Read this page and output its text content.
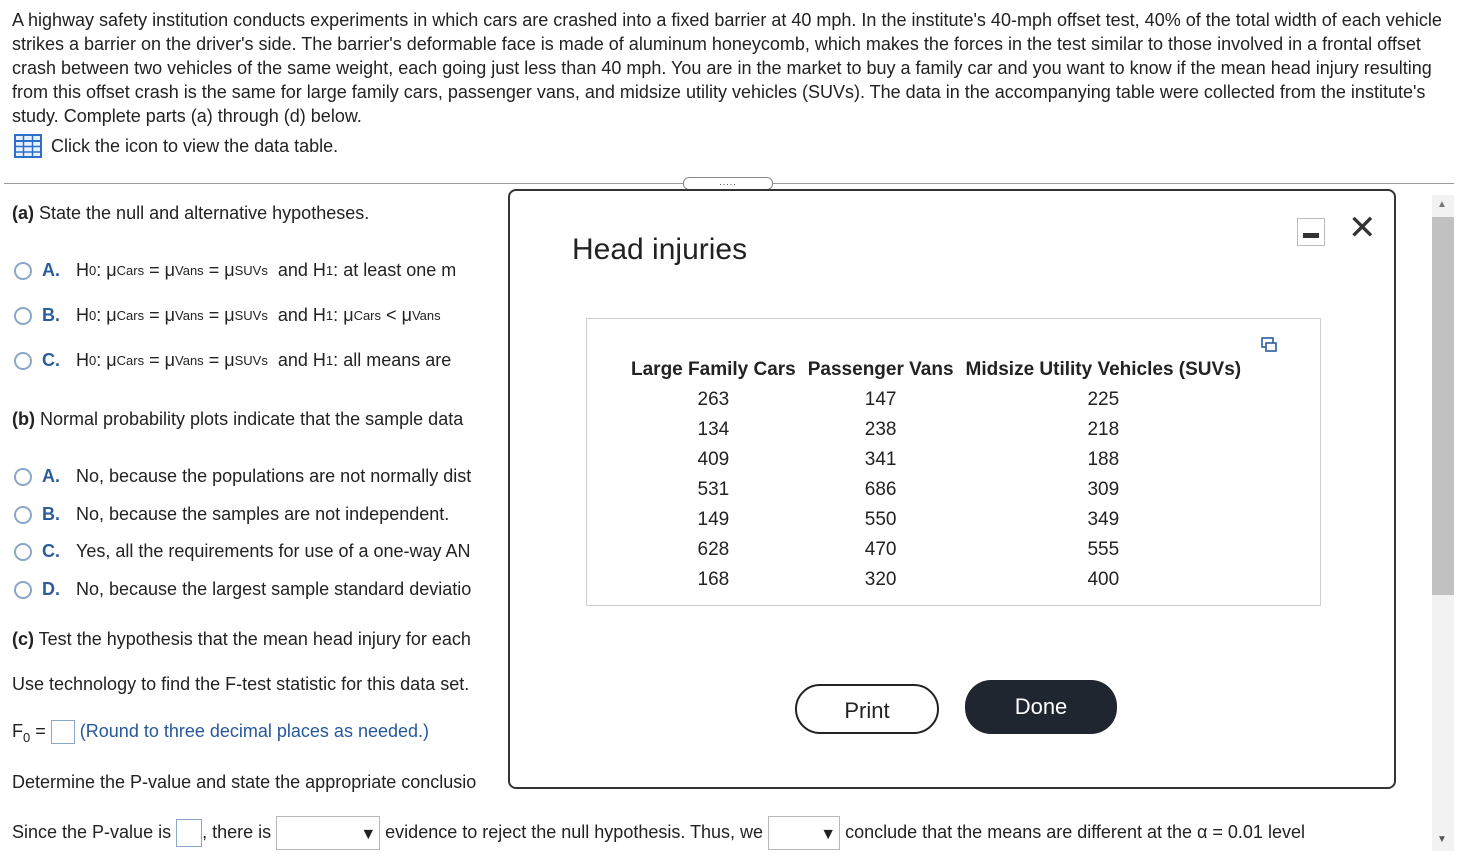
A highway safety institution conducts experiments in which cars are crashed into a fixed barrier at 40 mph. In the institute's 40-mph offset test, 40% of the total width of each vehicle strikes a barrier on the driver's side. The barrier's deformable face is made of aluminum honeycomb, which makes the forces in the test similar to those involved in a frontal offset crash between two vehicles of the same weight, each going just less than 40 mph. You are in the market to buy a family car and you want to know if the mean head injury resulting from this offset crash is the same for large family cars, passenger vans, and midsize utility vehicles (SUVs). The data in the accompanying table were collected from the institute's study. Complete parts (a) through (d) below.
Click the icon to view the data table.
.....
(a) State the null and alternative hypotheses.
A. H 0 :
μ Cars
=
μ Vans
=
μ SUVs
and
H 1 :
at least one m
B. H 0 :
μ Cars
=
μ Vans
=
μ SUVs
and
H 1 :
μ Cars
<
μ Vans
C. H 0 :
μ Cars
=
μ Vans
=
μ SUVs
and
H 1 :
all means are
(b) Normal probability plots indicate that the sample data
A. No, because the populations are not normally dist
B. No, because the samples are not independent.
C. Yes, all the requirements for use of a one-way AN
D. No, because the largest sample standard deviatio
(c) Test the hypothesis that the mean head injury for each
Use technology to find the F-test statistic for this data set.
$F_0$ = (Round to three decimal places as needed.)
Determine the P-value and state the appropriate conclusio
Since the P-value is , there is	▼ evidence to reject the null hypothesis. Thus, we	▼ conclude that the means are different at the α = 0.01 level
▲
▼
Head injuries
✕
Large Family Cars	Passenger Vans	Midsize Utility Vehicles (SUVs)
263	147	225
134	238	218
409	341	188
531	686	309
149	550	349
628	470	555
168	320	400
Print	Done
